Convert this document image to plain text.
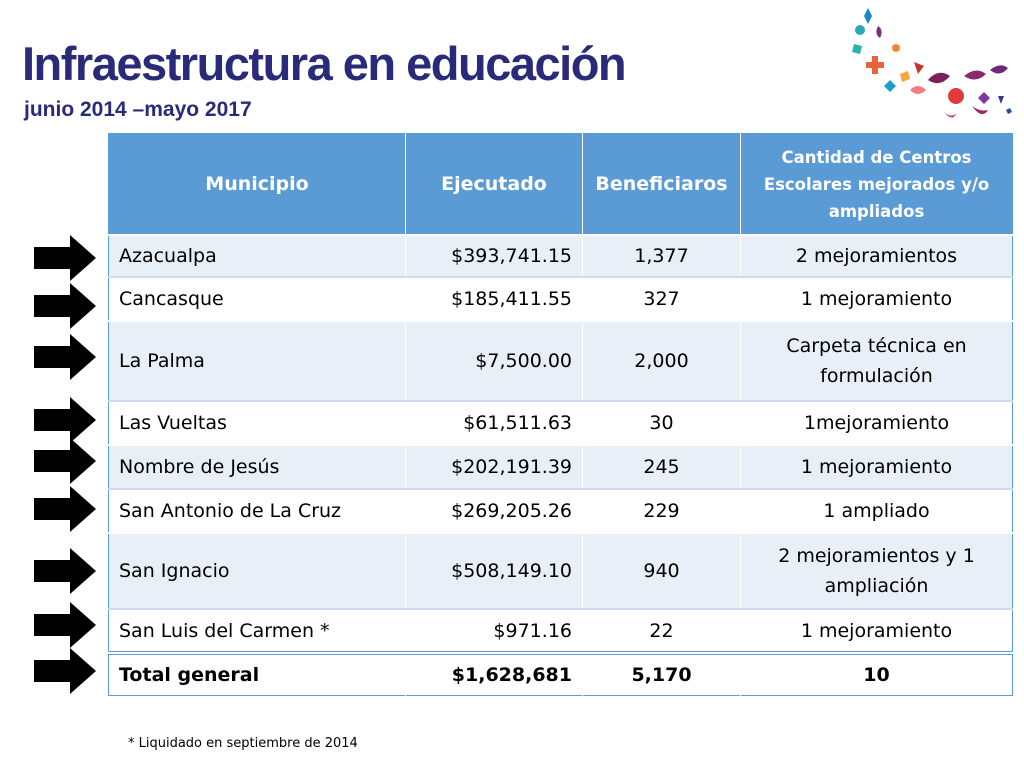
Infraestructura en educación
junio 2014 –mayo 2017
Municipio	Ejecutado	Beneficiaros	Cantidad de Centros Escolares mejorados y/o ampliados
Azacualpa	$393,741.15	1,377	2 mejoramientos
Cancasque	$185,411.55	327	1 mejoramiento
La Palma	$7,500.00	2,000	Carpeta técnica en formulación
Las Vueltas	$61,511.63	30	1mejoramiento
Nombre de Jesús	$202,191.39	245	1 mejoramiento
San Antonio de La Cruz	$269,205.26	229	1 ampliado
San Ignacio	$508,149.10	940	2 mejoramientos y 1 ampliación
San Luis del Carmen *	$971.16	22	1 mejoramiento
Total general	$1,628,681	5,170	10

* Liquidado en septiembre de 2014
